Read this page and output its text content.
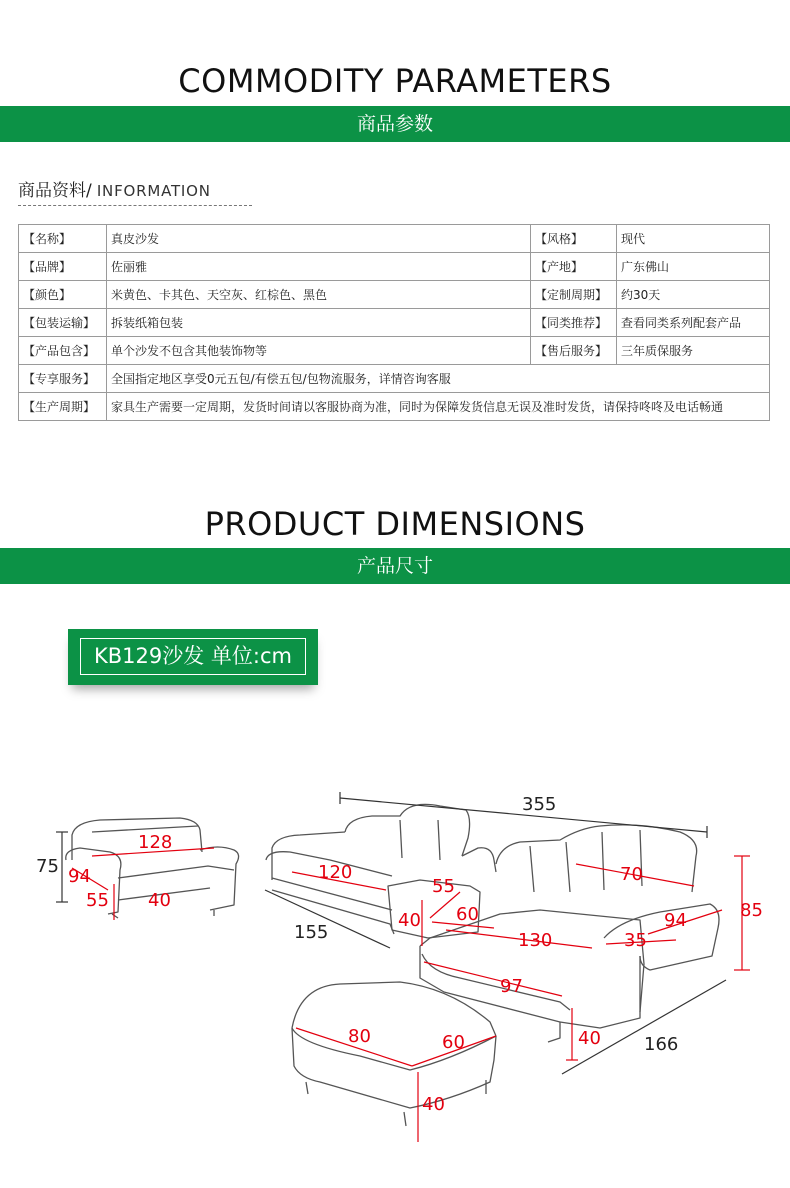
COMMODITY PARAMETERS
商品参数
商品资料/ INFORMATION
【名称】	真皮沙发	【风格】	现代
【品牌】	佐丽雅	【产地】	广东佛山
【颜色】	米黄色、卡其色、天空灰、红棕色、黑色	【定制周期】	约30天
【包装运输】	拆装纸箱包装	【同类推荐】	查看同类系列配套产品
【产品包含】	单个沙发不包含其他装饰物等	【售后服务】	三年质保服务
【专享服务】	全国指定地区享受0元五包/有偿五包/包物流服务，详情咨询客服		
【生产周期】	家具生产需要一定周期，发货时间请以客服协商为准，同时为保障发货信息无误及准时发货，请保持咚咚及电话畅通		
PRODUCT DIMENSIONS
产品尺寸
KB129沙发 单位:cm
355
155
166
75
128
94
55 40
120
55
40 60
130
70
94
35
85
97
40
80	60
40
